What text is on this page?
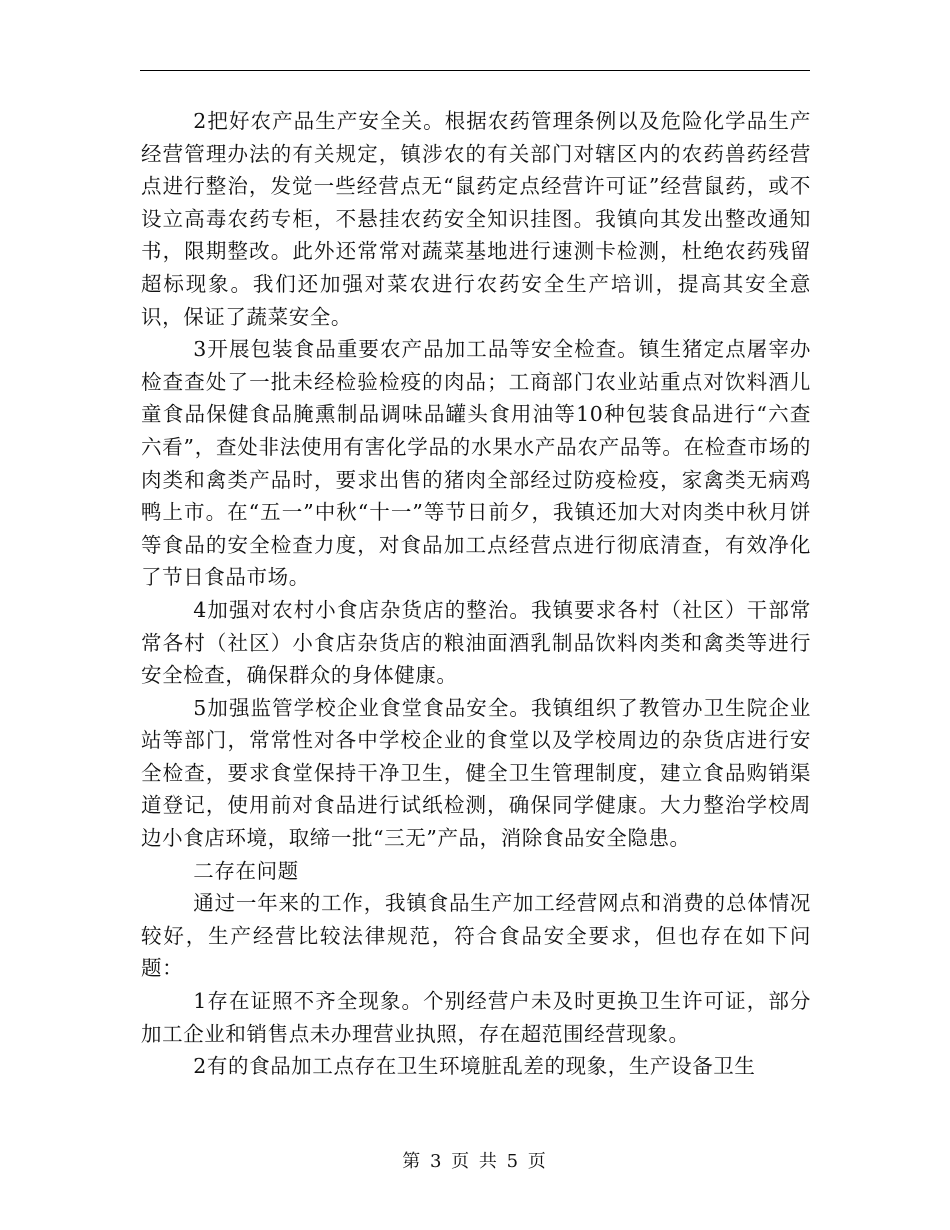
2把好农产品生产安全关。根据农药管理条例以及危险化学品生产经营管理办法的有关规定，镇涉农的有关部门对辖区内的农药兽药经营点进行整治，发觉一些经营点无“鼠药定点经营许可证”经营鼠药，或不设立高毒农药专柜，不悬挂农药安全知识挂图。我镇向其发出整改通知书，限期整改。此外还常常对蔬菜基地进行速测卡检测，杜绝农药残留超标现象。我们还加强对菜农进行农药安全生产培训，提高其安全意识，保证了蔬菜安全。

3开展包装食品重要农产品加工品等安全检查。镇生猪定点屠宰办检查查处了一批未经检验检疫的肉品；工商部门农业站重点对饮料酒儿童食品保健食品腌熏制品调味品罐头食用油等10种包装食品进行“六查六看”，查处非法使用有害化学品的水果水产品农产品等。在检查市场的肉类和禽类产品时，要求出售的猪肉全部经过防疫检疫，家禽类无病鸡鸭上市。在“五一”中秋“十一”等节日前夕，我镇还加大对肉类中秋月饼等食品的安全检查力度，对食品加工点经营点进行彻底清查，有效净化了节日食品市场。

4加强对农村小食店杂货店的整治。我镇要求各村（社区）干部常常各村（社区）小食店杂货店的粮油面酒乳制品饮料肉类和禽类等进行安全检查，确保群众的身体健康。

5加强监管学校企业食堂食品安全。我镇组织了教管办卫生院企业站等部门，常常性对各中学校企业的食堂以及学校周边的杂货店进行安全检查，要求食堂保持干净卫生，健全卫生管理制度，建立食品购销渠道登记，使用前对食品进行试纸检测，确保同学健康。大力整治学校周边小食店环境，取缔一批“三无”产品，消除食品安全隐患。

二存在问题

通过一年来的工作，我镇食品生产加工经营网点和消费的总体情况较好，生产经营比较法律规范，符合食品安全要求，但也存在如下问题：

1存在证照不齐全现象。个别经营户未及时更换卫生许可证，部分加工企业和销售点未办理营业执照，存在超范围经营现象。

2有的食品加工点存在卫生环境脏乱差的现象，生产设备卫生

第 3 页 共 5 页
